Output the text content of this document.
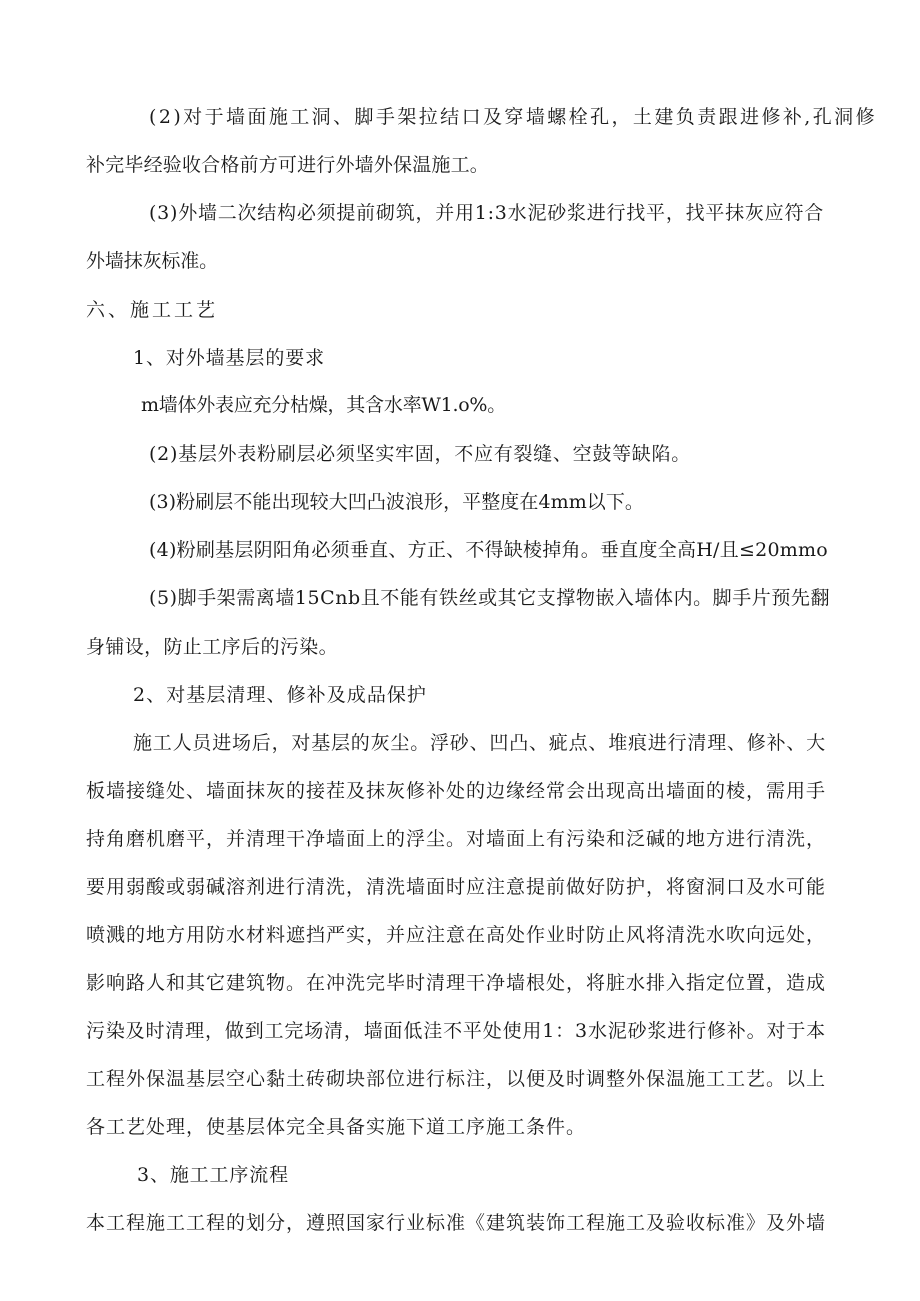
(2)对于墙面施工洞、脚手架拉结口及穿墙螺栓孔，土建负责跟进修补,孔洞修
补完毕经验收合格前方可进行外墙外保温施工。
(3)外墙二次结构必须提前砌筑，并用1:3水泥砂浆进行找平，找平抹灰应符合
外墙抹灰标准。
六、施工工艺
1、对外墙基层的要求
m墙体外表应充分枯燥，其含水率W1.o%。
(2)基层外表粉刷层必须坚实牢固，不应有裂缝、空鼓等缺陷。
(3)粉刷层不能出现较大凹凸波浪形，平整度在4mm以下。
(4)粉刷基层阴阳角必须垂直、方正、不得缺棱掉角。垂直度全高H/且≤20mmo
(5)脚手架需离墙15Cnb且不能有铁丝或其它支撑物嵌入墙体内。脚手片预先翻
身铺设，防止工序后的污染。
2、对基层清理、修补及成品保护
施工人员进场后，对基层的灰尘。浮砂、凹凸、疵点、堆痕进行清理、修补、大
板墙接缝处、墙面抹灰的接茬及抹灰修补处的边缘经常会出现高出墙面的棱，需用手
持角磨机磨平，并清理干净墙面上的浮尘。对墙面上有污染和泛碱的地方进行清洗，
要用弱酸或弱碱溶剂进行清洗，清洗墙面时应注意提前做好防护，将窗洞口及水可能
喷溅的地方用防水材料遮挡严实，并应注意在高处作业时防止风将清洗水吹向远处，
影响路人和其它建筑物。在冲洗完毕时清理干净墙根处，将脏水排入指定位置，造成
污染及时清理，做到工完场清，墙面低洼不平处使用1：3水泥砂浆进行修补。对于本
工程外保温基层空心黏土砖砌块部位进行标注，以便及时调整外保温施工工艺。以上
各工艺处理，使基层体完全具备实施下道工序施工条件。
3、施工工序流程
本工程施工工程的划分，遵照国家行业标准《建筑装饰工程施工及验收标准》及外墙
